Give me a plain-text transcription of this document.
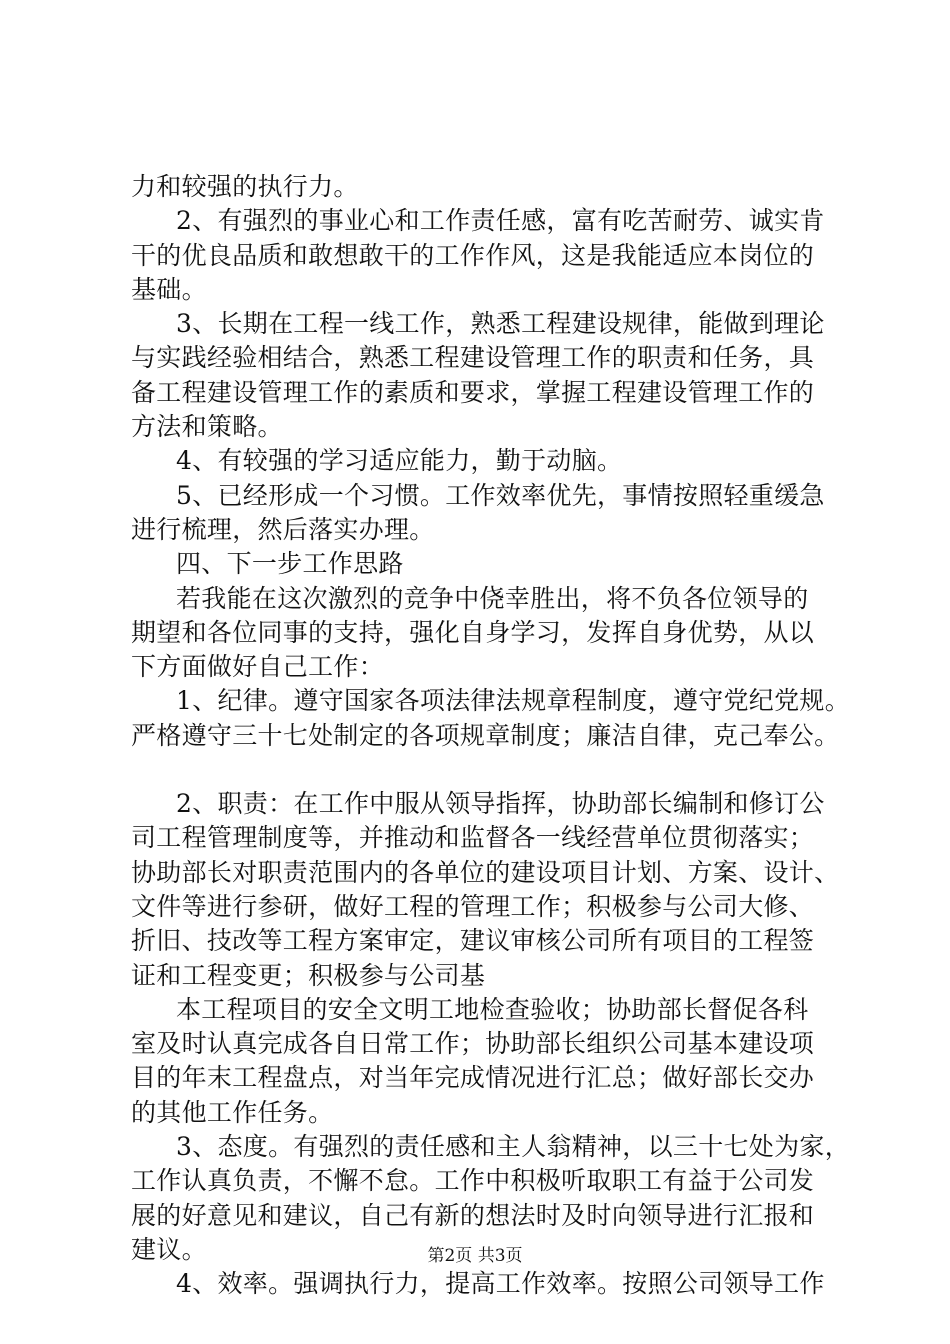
力和较强的执行力。
2、有强烈的事业心和工作责任感，富有吃苦耐劳、诚实肯
干的优良品质和敢想敢干的工作作风，这是我能适应本岗位的
基础。
3、长期在工程一线工作，熟悉工程建设规律，能做到理论
与实践经验相结合，熟悉工程建设管理工作的职责和任务，具
备工程建设管理工作的素质和要求，掌握工程建设管理工作的
方法和策略。
4、有较强的学习适应能力，勤于动脑。
5、已经形成一个习惯。工作效率优先，事情按照轻重缓急
进行梳理，然后落实办理。
四、下一步工作思路
若我能在这次激烈的竞争中侥幸胜出，将不负各位领导的
期望和各位同事的支持，强化自身学习，发挥自身优势，从以
下方面做好自己工作：
1、纪律。遵守国家各项法律法规章程制度，遵守党纪党规。
严格遵守三十七处制定的各项规章制度；廉洁自律，克己奉公。
2、职责：在工作中服从领导指挥，协助部长编制和修订公
司工程管理制度等，并推动和监督各一线经营单位贯彻落实；
协助部长对职责范围内的各单位的建设项目计划、方案、设计、
文件等进行参研，做好工程的管理工作；积极参与公司大修、
折旧、技改等工程方案审定，建议审核公司所有项目的工程签
证和工程变更；积极参与公司基
本工程项目的安全文明工地检查验收；协助部长督促各科
室及时认真完成各自日常工作；协助部长组织公司基本建设项
目的年末工程盘点，对当年完成情况进行汇总；做好部长交办
的其他工作任务。
3、态度。有强烈的责任感和主人翁精神，以三十七处为家，
工作认真负责，不懈不怠。工作中积极听取职工有益于公司发
展的好意见和建议，自己有新的想法时及时向领导进行汇报和
建议。
4、效率。强调执行力，提高工作效率。按照公司领导工作
第2页 共3页
